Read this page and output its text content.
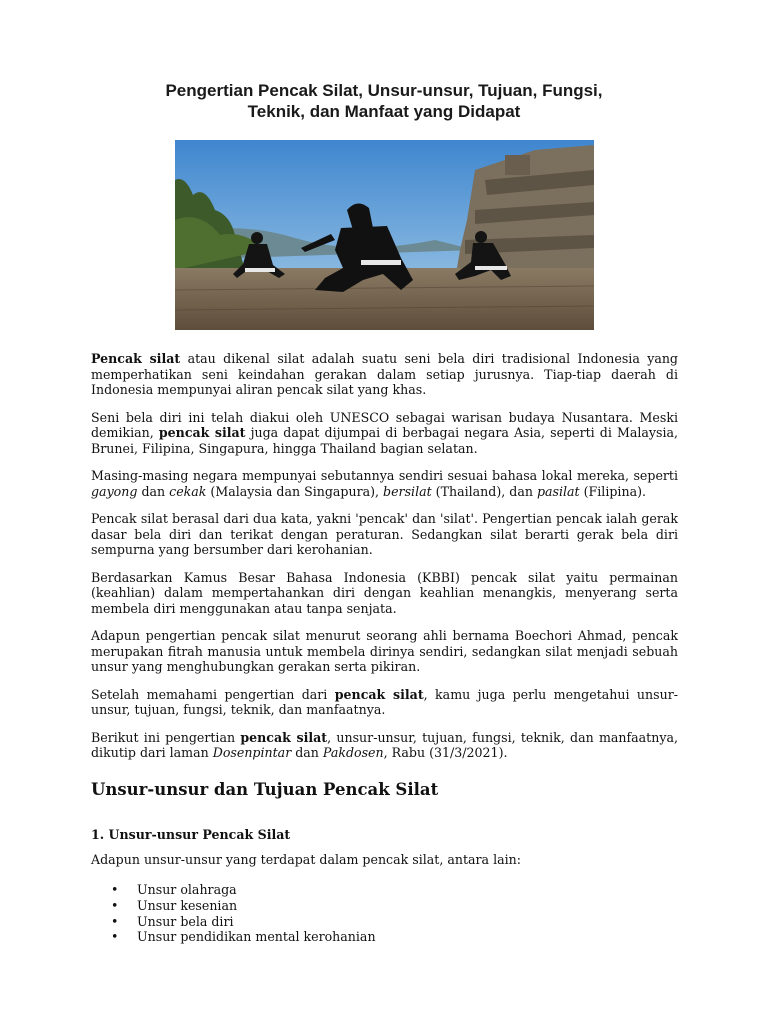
Pengertian Pencak Silat, Unsur-unsur, Tujuan, Fungsi,
Teknik, dan Manfaat yang Didapat

Pencak silat atau dikenal silat adalah suatu seni bela diri tradisional Indonesia yang memperhatikan seni keindahan gerakan dalam setiap jurusnya. Tiap-tiap daerah di Indonesia mempunyai aliran pencak silat yang khas.

Seni bela diri ini telah diakui oleh UNESCO sebagai warisan budaya Nusantara. Meski demikian, pencak silat juga dapat dijumpai di berbagai negara Asia, seperti di Malaysia, Brunei, Filipina, Singapura, hingga Thailand bagian selatan.

Masing-masing negara mempunyai sebutannya sendiri sesuai bahasa lokal mereka, seperti gayong dan cekak (Malaysia dan Singapura), bersilat (Thailand), dan pasilat (Filipina).

Pencak silat berasal dari dua kata, yakni 'pencak' dan 'silat'. Pengertian pencak ialah gerak dasar bela diri dan terikat dengan peraturan. Sedangkan silat berarti gerak bela diri sempurna yang bersumber dari kerohanian.

Berdasarkan Kamus Besar Bahasa Indonesia (KBBI) pencak silat yaitu permainan (keahlian) dalam mempertahankan diri dengan keahlian menangkis, menyerang serta membela diri menggunakan atau tanpa senjata.

Adapun pengertian pencak silat menurut seorang ahli bernama Boechori Ahmad, pencak merupakan fitrah manusia untuk membela dirinya sendiri, sedangkan silat menjadi sebuah unsur yang menghubungkan gerakan serta pikiran.

Setelah memahami pengertian dari pencak silat, kamu juga perlu mengetahui unsur-unsur, tujuan, fungsi, teknik, dan manfaatnya.

Berikut ini pengertian pencak silat, unsur-unsur, tujuan, fungsi, teknik, dan manfaatnya, dikutip dari laman Dosenpintar dan Pakdosen, Rabu (31/3/2021).

Unsur-unsur dan Tujuan Pencak Silat
1. Unsur-unsur Pencak Silat
Adapun unsur-unsur yang terdapat dalam pencak silat, antara lain:
• Unsur olahraga
• Unsur kesenian
• Unsur bela diri
• Unsur pendidikan mental kerohanian
